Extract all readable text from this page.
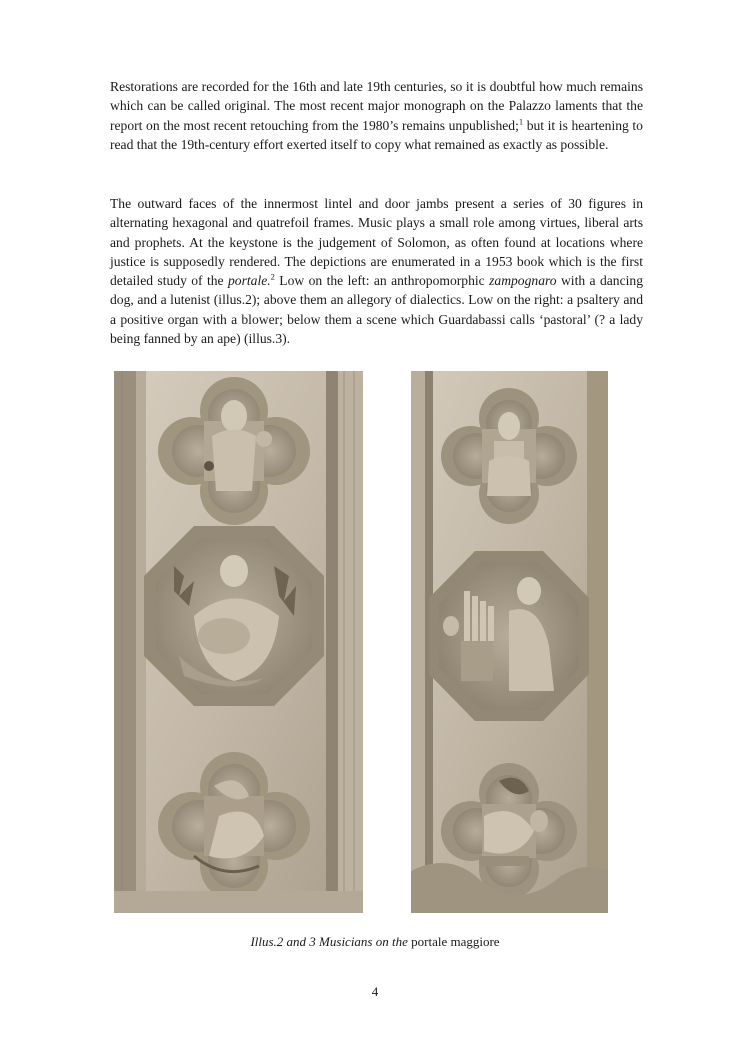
Restorations are recorded for the 16th and late 19th centuries, so it is doubtful how much remains which can be called original. The most recent major monograph on the Palazzo laments that the report on the most recent retouching from the 1980’s remains unpublished;$^1$ but it is heartening to read that the 19th-century effort exerted itself to copy what remained as exactly as possible.

The outward faces of the innermost lintel and door jambs present a series of 30 figures in alternating hexagonal and quatrefoil frames. Music plays a small role among virtues, liberal arts and prophets. At the keystone is the judgement of Solomon, as often found at locations where justice is supposedly rendered. The depictions are enumerated in a 1953 book which is the first detailed study of the portale.$^2$ Low on the left: an anthropomorphic zampognaro with a dancing dog, and a lutenist (illus.2); above them an allegory of dialectics. Low on the right: a psaltery and a positive organ with a blower; below them a scene which Guardabassi calls ‘pastoral’ (? a lady being fanned by an ape) (illus.3).

Illus.2 and 3 Musicians on the portale maggiore

4
